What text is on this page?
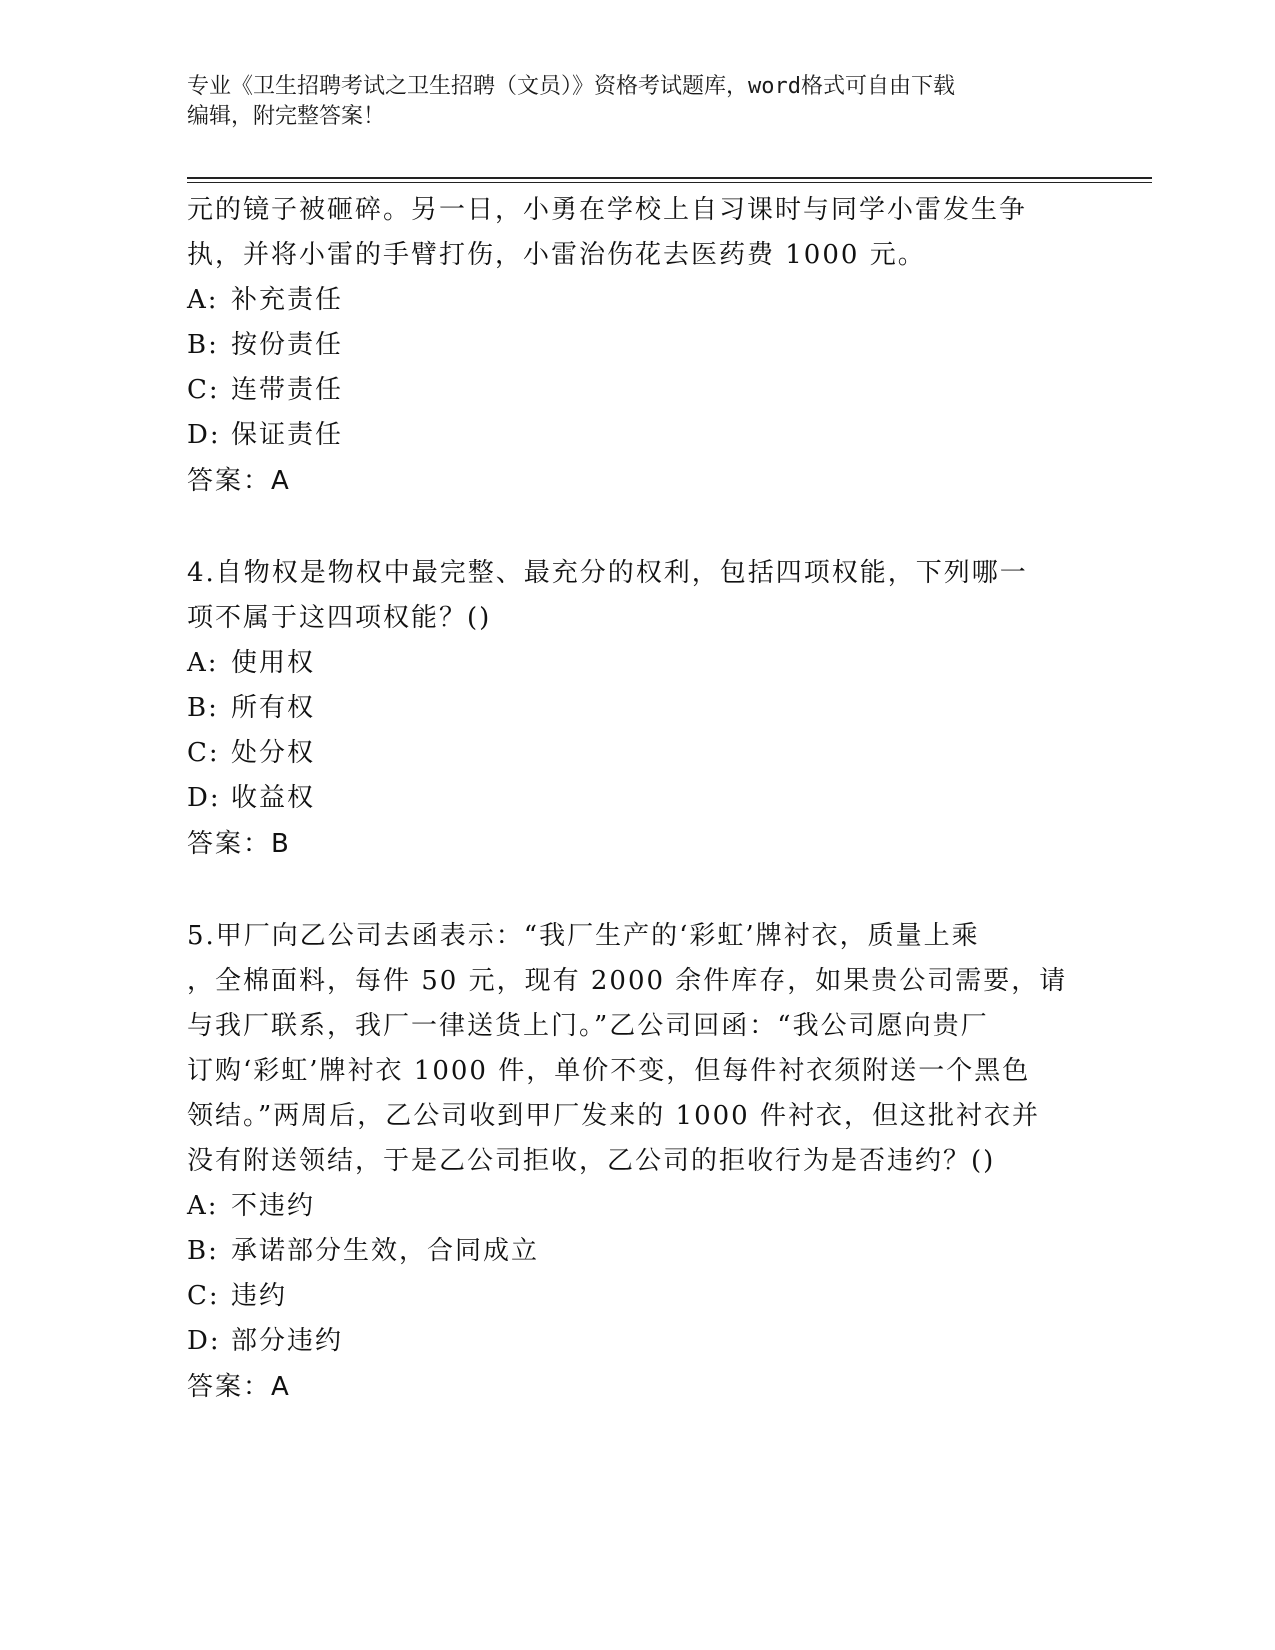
专业《卫生招聘考试之卫生招聘（文员）》资格考试题库，word格式可自由下载
编辑，附完整答案！

元的镜子被砸碎。另一日，小勇在学校上自习课时与同学小雷发生争

执，并将小雷的手臂打伤，小雷治伤花去医药费 1000 元。

A: 补充责任

B: 按份责任

C: 连带责任

D: 保证责任

答案：A

4.自物权是物权中最完整、最充分的权利，包括四项权能，下列哪一

项不属于这四项权能？()

A: 使用权

B: 所有权

C: 处分权

D: 收益权

答案：B

5.甲厂向乙公司去函表示：“我厂生产的‘彩虹’牌衬衣，质量上乘

，全棉面料，每件 50 元，现有 2000 余件库存，如果贵公司需要，请

与我厂联系，我厂一律送货上门。”乙公司回函：“我公司愿向贵厂

订购‘彩虹’牌衬衣 1000 件，单价不变，但每件衬衣须附送一个黑色

领结。”两周后，乙公司收到甲厂发来的 1000 件衬衣，但这批衬衣并

没有附送领结，于是乙公司拒收，乙公司的拒收行为是否违约？()

A: 不违约

B: 承诺部分生效，合同成立

C: 违约

D: 部分违约

答案：A
